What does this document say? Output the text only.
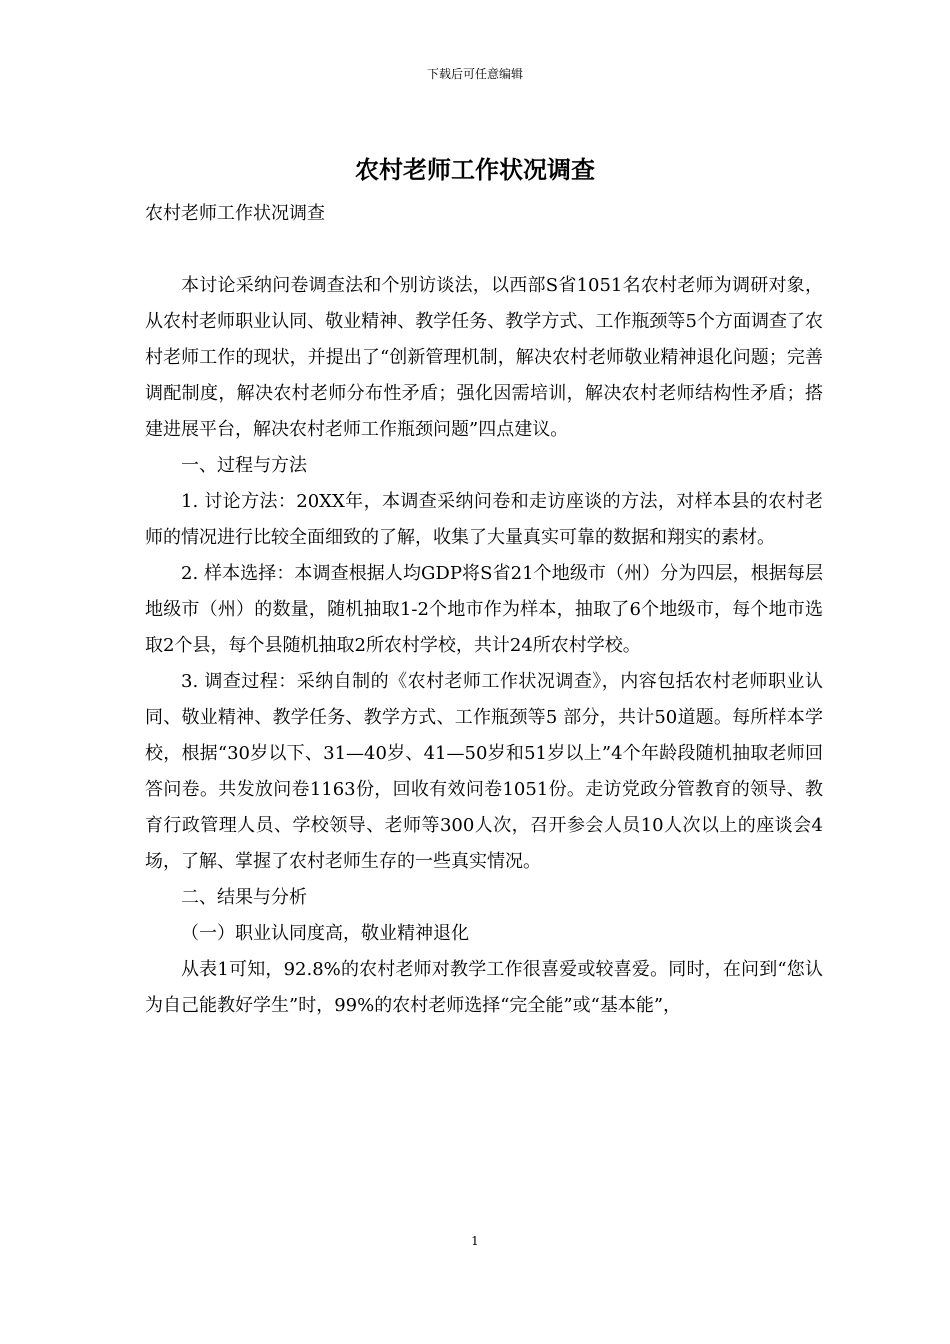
下载后可任意编辑
农村老师工作状况调查

农村老师工作状况调查

本讨论采纳问卷调查法和个别访谈法，以西部S省1051名农村老师为调研对象，从农村老师职业认同、敬业精神、教学任务、教学方式、工作瓶颈等5个方面调查了农村老师工作的现状，并提出了“创新管理机制，解决农村老师敬业精神退化问题；完善调配制度，解决农村老师分布性矛盾；强化因需培训，解决农村老师结构性矛盾；搭建进展平台，解决农村老师工作瓶颈问题”四点建议。

一、过程与方法

1. 讨论方法：20XX年，本调查采纳问卷和走访座谈的方法，对样本县的农村老师的情况进行比较全面细致的了解，收集了大量真实可靠的数据和翔实的素材。

2. 样本选择：本调查根据人均GDP将S省21个地级市（州）分为四层，根据每层地级市（州）的数量，随机抽取1-2个地市作为样本，抽取了6个地级市，每个地市选取2个县，每个县随机抽取2所农村学校，共计24所农村学校。

3. 调查过程：采纳自制的《农村老师工作状况调查》，内容包括农村老师职业认同、敬业精神、教学任务、教学方式、工作瓶颈等5 部分，共计50道题。每所样本学校，根据“30岁以下、31—40岁、41—50岁和51岁以上”4个年龄段随机抽取老师回答问卷。共发放问卷1163份，回收有效问卷1051份。走访党政分管教育的领导、教育行政管理人员、学校领导、老师等300人次，召开参会人员10人次以上的座谈会4场，了解、掌握了农村老师生存的一些真实情况。

二、结果与分析

（一）职业认同度高，敬业精神退化

从表1可知，92.8%的农村老师对教学工作很喜爱或较喜爱。同时，在问到“您认为自己能教好学生”时，99%的农村老师选择“完全能”或“基本能”，

1
